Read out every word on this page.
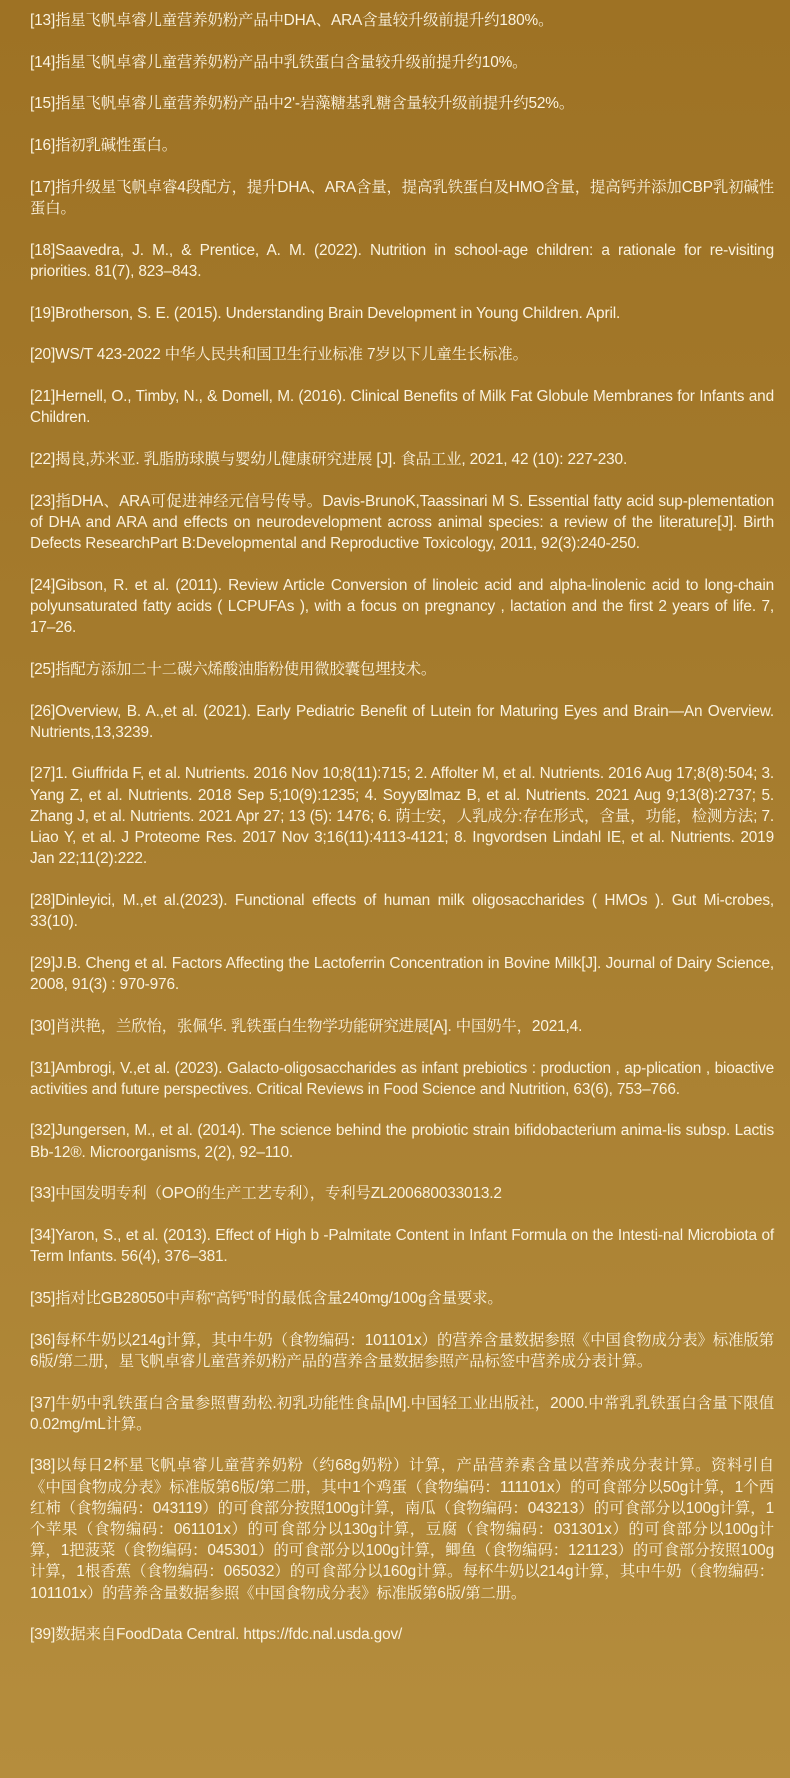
[13]指星飞帆卓睿儿童营养奶粉产品中DHA、ARA含量较升级前提升约180%。

[14]指星飞帆卓睿儿童营养奶粉产品中乳铁蛋白含量较升级前提升约10%。

[15]指星飞帆卓睿儿童营养奶粉产品中2'-岩藻糖基乳糖含量较升级前提升约52%。

[16]指初乳碱性蛋白。

[17]指升级星飞帆卓睿4段配方，提升DHA、ARA含量，提高乳铁蛋白及HMO含量，提高钙并添加CBP乳初碱性蛋白。

[18]Saavedra, J. M., & Prentice, A. M. (2022). Nutrition in school-age children: a rationale for re-visiting priorities. 81(7), 823–843.

[19]Brotherson, S. E. (2015). Understanding Brain Development in Young Children. April.

[20]WS/T 423-2022 中华人民共和国卫生行业标准 7岁以下儿童生长标准。

[21]Hernell, O., Timby, N., & Domell, M. (2016). Clinical Benefits of Milk Fat Globule Membranes for Infants and Children.

[22]揭良,苏米亚. 乳脂肪球膜与婴幼儿健康研究进展 [J]. 食品工业, 2021, 42 (10): 227-230.

[23]指DHA、ARA可促进神经元信号传导。Davis-BrunoK,Taassinari M S. Essential fatty acid sup-plementation of DHA and ARA and effects on neurodevelopment across animal species: a review of the literature[J]. Birth Defects ResearchPart B:Developmental and Reproductive Toxicology, 2011, 92(3):240-250.

[24]Gibson, R. et al. (2011). Review Article Conversion of linoleic acid and alpha-linolenic acid to long-chain polyunsaturated fatty acids ( LCPUFAs ), with a focus on pregnancy , lactation and the first 2 years of life. 7, 17–26.

[25]指配方添加二十二碳六烯酸油脂粉使用微胶囊包埋技术。

[26]Overview, B. A.,et al. (2021). Early Pediatric Benefit of Lutein for Maturing Eyes and Brain—An Overview. Nutrients,13,3239.

[27]1. Giuffrida F, et al. Nutrients. 2016 Nov 10;8(11):715; 2. Affolter M, et al. Nutrients. 2016 Aug 17;8(8):504; 3. Yang Z, et al. Nutrients. 2018 Sep 5;10(9):1235; 4. Soyy⊠lmaz B, et al. Nutrients. 2021 Aug 9;13(8):2737; 5. Zhang J, et al. Nutrients. 2021 Apr 27; 13 (5): 1476; 6. 荫士安，人乳成分:存在形式，含量，功能，检测方法; 7. Liao Y, et al. J Proteome Res. 2017 Nov 3;16(11):4113-4121; 8. Ingvordsen Lindahl IE, et al. Nutrients. 2019 Jan 22;11(2):222.

[28]Dinleyici, M.,et al.(2023). Functional effects of human milk oligosaccharides ( HMOs ). Gut Mi-crobes, 33(10).

[29]J.B. Cheng et al. Factors Affecting the Lactoferrin Concentration in Bovine Milk[J]. Journal of Dairy Science, 2008, 91(3) : 970-976.

[30]肖洪艳，兰欣怡，张佩华. 乳铁蛋白生物学功能研究进展[A]. 中国奶牛，2021,4.

[31]Ambrogi, V.,et al. (2023). Galacto-oligosaccharides as infant prebiotics : production , ap-plication , bioactive activities and future perspectives. Critical Reviews in Food Science and Nutrition, 63(6), 753–766.

[32]Jungersen, M., et al. (2014). The science behind the probiotic strain bifidobacterium anima-lis subsp. Lactis Bb-12®. Microorganisms, 2(2), 92–110.

[33]中国发明专利（OPO的生产工艺专利），专利号ZL200680033013.2

[34]Yaron, S., et al. (2013). Effect of High b -Palmitate Content in Infant Formula on the Intesti-nal Microbiota of Term Infants. 56(4), 376–381.

[35]指对比GB28050中声称“高钙”时的最低含量240mg/100g含量要求。

[36]每杯牛奶以214g计算，其中牛奶（食物编码：101101x）的营养含量数据参照《中国食物成分表》标准版第6版/第二册，星飞帆卓睿儿童营养奶粉产品的营养含量数据参照产品标签中营养成分表计算。

[37]牛奶中乳铁蛋白含量参照曹劲松.初乳功能性食品[M].中国轻工业出版社，2000.中常乳乳铁蛋白含量下限值0.02mg/mL计算。

[38]以每日2杯星飞帆卓睿儿童营养奶粉（约68g奶粉）计算，产品营养素含量以营养成分表计算。资料引自《中国食物成分表》标准版第6版/第二册，其中1个鸡蛋（食物编码：111101x）的可食部分以50g计算，1个西红柿（食物编码：043119）的可食部分按照100g计算，南瓜（食物编码：043213）的可食部分以100g计算，1个苹果（食物编码：061101x）的可食部分以130g计算，豆腐（食物编码：031301x）的可食部分以100g计算，1把菠菜（食物编码：045301）的可食部分以100g计算，鲫鱼（食物编码：121123）的可食部分按照100g计算，1根香蕉（食物编码：065032）的可食部分以160g计算。每杯牛奶以214g计算，其中牛奶（食物编码：101101x）的营养含量数据参照《中国食物成分表》标准版第6版/第二册。

[39]数据来自FoodData Central. https://fdc.nal.usda.gov/
